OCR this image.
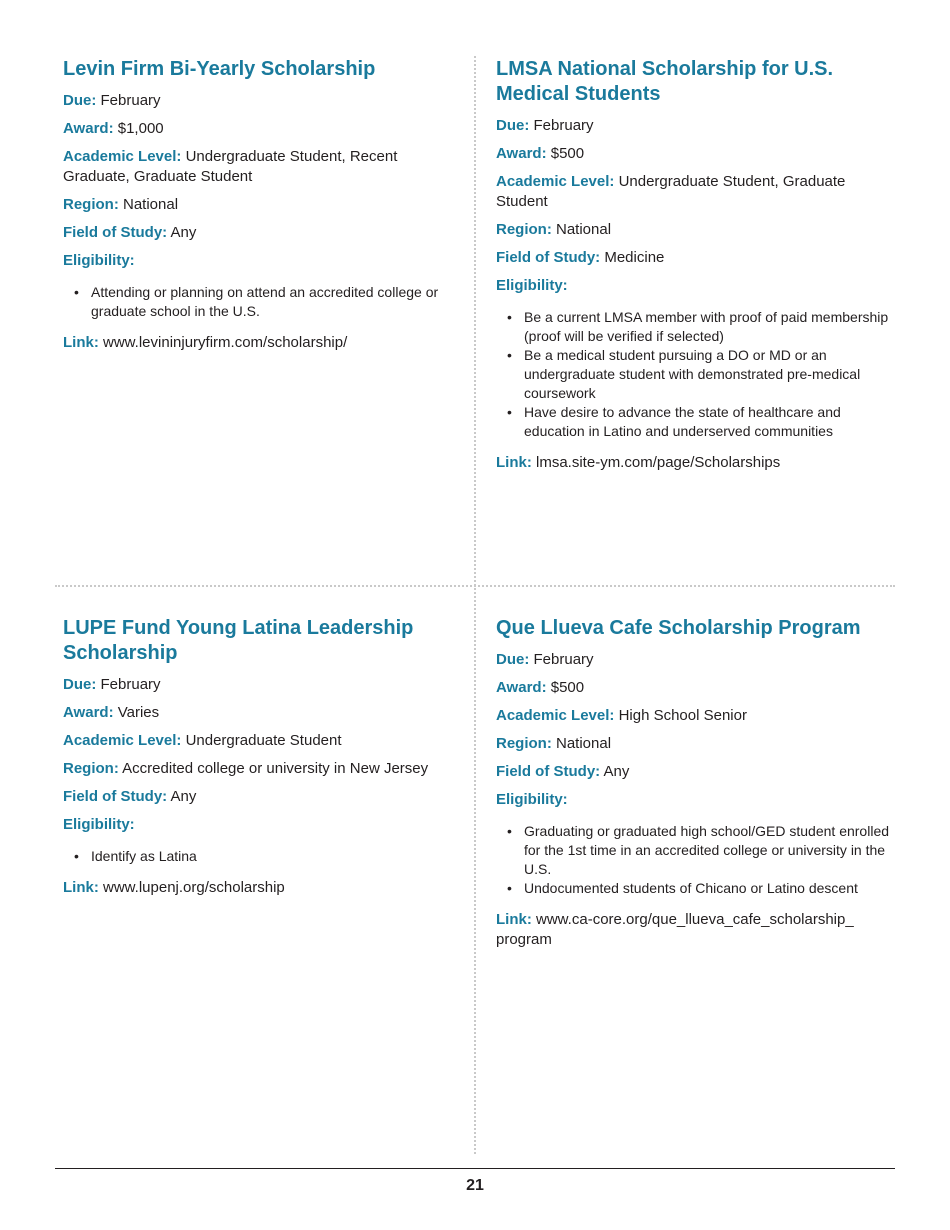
Levin Firm Bi-Yearly Scholarship

Due: February

Award: $1,000

Academic Level: Undergraduate Student, Recent Graduate, Graduate Student

Region: National

Field of Study: Any

Eligibility:

• Attending or planning on attend an accredited college or graduate school in the U.S.

Link: www.levininjuryfirm.com/scholarship/

LMSA National Scholarship for U.S. Medical Students

Due: February

Award: $500

Academic Level: Undergraduate Student, Graduate Student

Region: National

Field of Study: Medicine

Eligibility:

• Be a current LMSA member with proof of paid membership (proof will be verified if selected)
• Be a medical student pursuing a DO or MD or an undergraduate student with demonstrated pre-medical coursework
• Have desire to advance the state of healthcare and education in Latino and underserved communities

Link: lmsa.site-ym.com/page/Scholarships

LUPE Fund Young Latina Leadership Scholarship

Due: February

Award: Varies

Academic Level: Undergraduate Student

Region: Accredited college or university in New Jersey

Field of Study: Any

Eligibility:

• Identify as Latina

Link: www.lupenj.org/scholarship

Que Llueva Cafe Scholarship Program

Due: February

Award: $500

Academic Level: High School Senior

Region: National

Field of Study: Any

Eligibility:

• Graduating or graduated high school/GED student enrolled for the 1st time in an accredited college or university in the U.S.
• Undocumented students of Chicano or Latino descent

Link: www.ca-core.org/que_llueva_cafe_scholarship_ program

21
